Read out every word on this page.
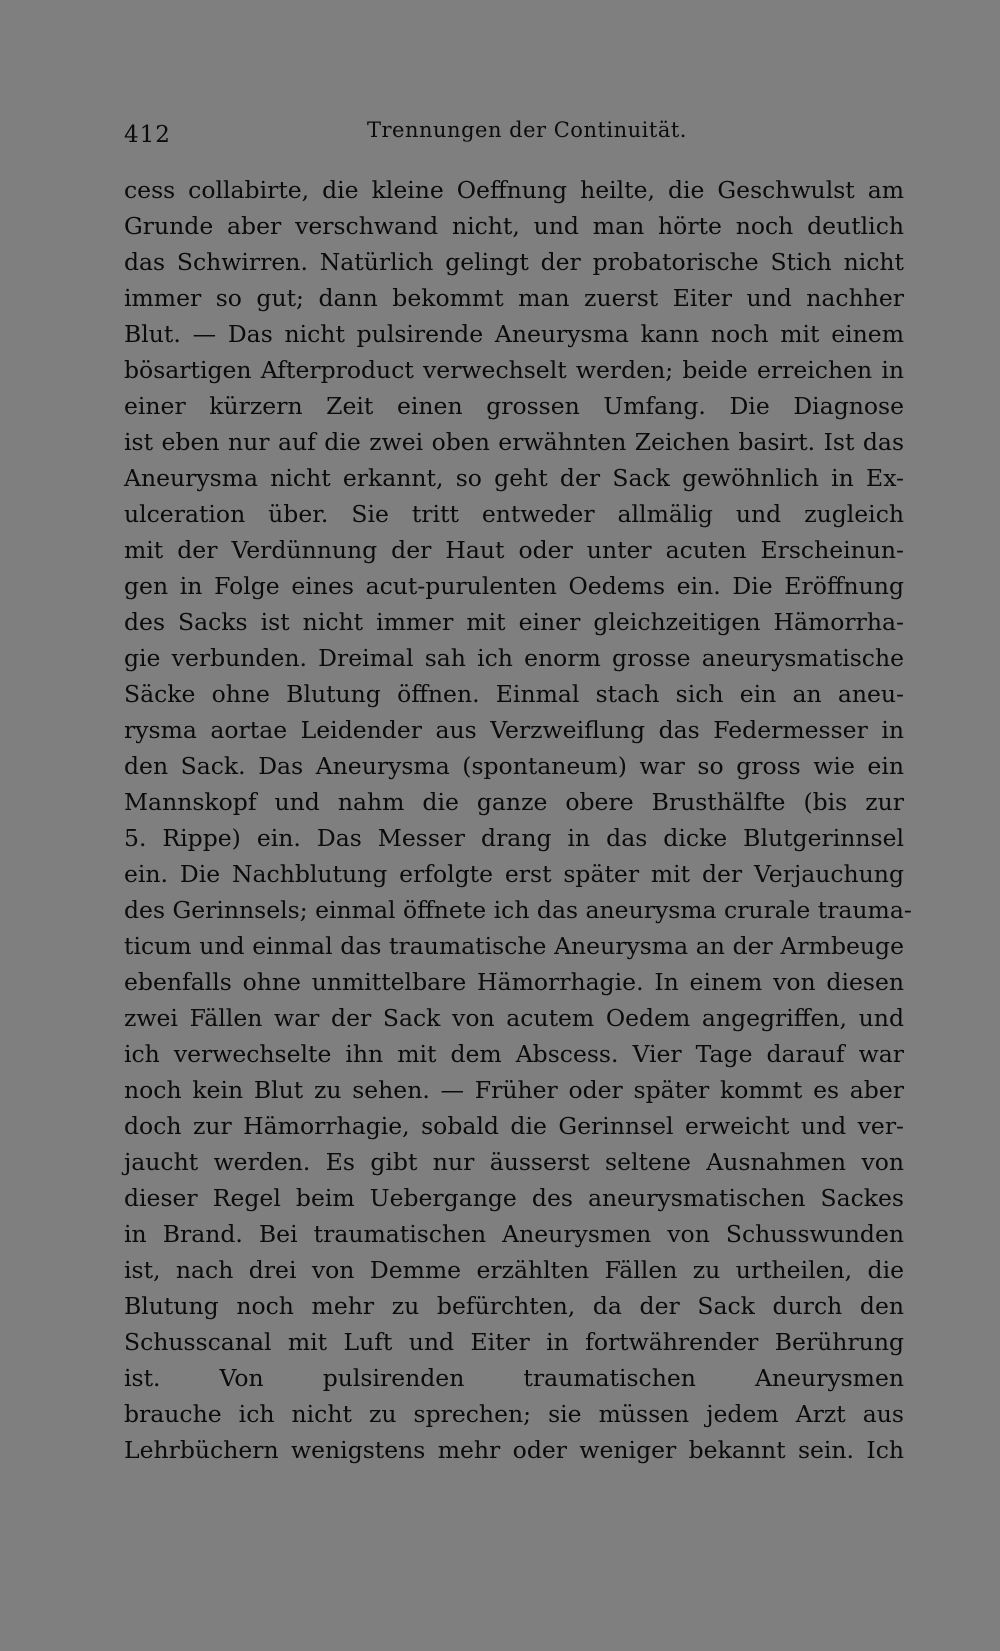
412	Trennungen der Continuität.
cess collabirte, die kleine Oeffnung heilte, die Geschwulst am
Grunde aber verschwand nicht, und man hörte noch deutlich
das Schwirren. Natürlich gelingt der probatorische Stich nicht
immer so gut; dann bekommt man zuerst Eiter und nachher
Blut. — Das nicht pulsirende Aneurysma kann noch mit einem
bösartigen Afterproduct verwechselt werden; beide erreichen in
einer kürzern Zeit einen grossen Umfang. Die Diagnose
ist eben nur auf die zwei oben erwähnten Zeichen basirt. Ist das
Aneurysma nicht erkannt, so geht der Sack gewöhnlich in Ex-
ulceration über. Sie tritt entweder allmälig und zugleich
mit der Verdünnung der Haut oder unter acuten Erscheinun-
gen in Folge eines acut-purulenten Oedems ein. Die Eröffnung
des Sacks ist nicht immer mit einer gleichzeitigen Hämorrha-
gie verbunden. Dreimal sah ich enorm grosse aneurysmatische
Säcke ohne Blutung öffnen. Einmal stach sich ein an aneu-
rysma aortae Leidender aus Verzweiflung das Federmesser in
den Sack. Das Aneurysma (spontaneum) war so gross wie ein
Mannskopf und nahm die ganze obere Brusthälfte (bis zur
5. Rippe) ein. Das Messer drang in das dicke Blutgerinnsel
ein. Die Nachblutung erfolgte erst später mit der Verjauchung
des Gerinnsels; einmal öffnete ich das aneurysma crurale trauma-
ticum und einmal das traumatische Aneurysma an der Armbeuge
ebenfalls ohne unmittelbare Hämorrhagie. In einem von diesen
zwei Fällen war der Sack von acutem Oedem angegriffen, und
ich verwechselte ihn mit dem Abscess. Vier Tage darauf war
noch kein Blut zu sehen. — Früher oder später kommt es aber
doch zur Hämorrhagie, sobald die Gerinnsel erweicht und ver-
jaucht werden. Es gibt nur äusserst seltene Ausnahmen von
dieser Regel beim Uebergange des aneurysmatischen Sackes
in Brand. Bei traumatischen Aneurysmen von Schusswunden
ist, nach drei von Demme erzählten Fällen zu urtheilen, die
Blutung noch mehr zu befürchten, da der Sack durch den
Schusscanal mit Luft und Eiter in fortwährender Berührung
ist. Von pulsirenden traumatischen Aneurysmen
brauche ich nicht zu sprechen; sie müssen jedem Arzt aus
Lehrbüchern wenigstens mehr oder weniger bekannt sein. Ich
